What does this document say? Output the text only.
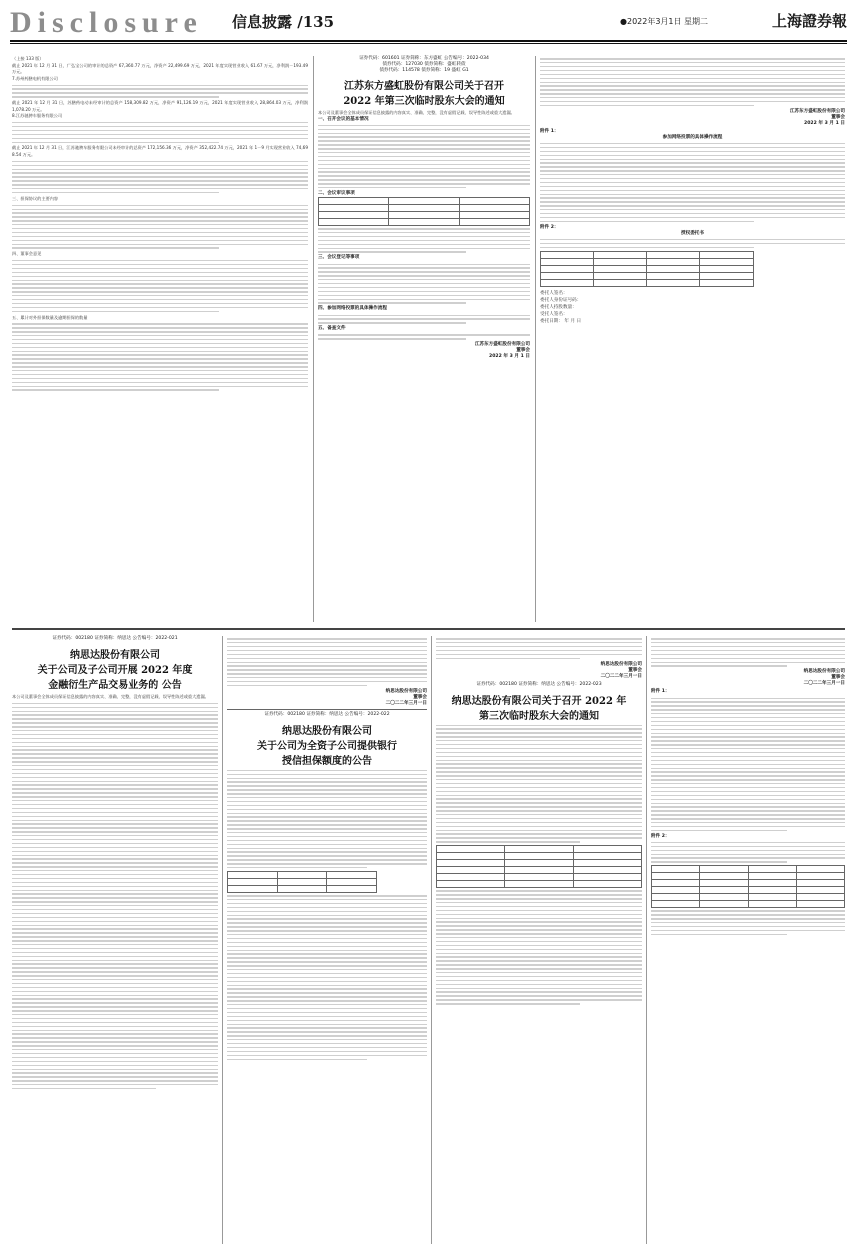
Disclosure 信息披露 /135	●2022年3月1日 星期二	上海證券報
（上接 133 版）
截止 2021 年 12 月 31 日，广弘宝公司的审计的总资产 67,360.77 万元，净资产 22,499.69 万元，2021 年度实现营业收入 61.67 万元，净利润－193.49 万元。
7.苏州药膳电机有限公司
截止 2021 年 12 月 31 日，苏膳药电动未经审计的总资产 158,309.82 万元，净资产 91,126.19 万元，2021 年度实现营业收入 28,864.03 万元，净利润 1,078.20 万元。
8.江苏驰骋车服务有限公司
截止 2021 年 12 月 31 日，江苏驰骋车服务有限公司未经审计的总资产 172,156.36 万元，净资产 352,422.74 万元，2021 年 1－9 月实现营业收入 74,698.54 万元。
三、担保协议的主要内容
四、董事会意见
五、累计对外担保数量及逾期担保的数量
证券代码：601601 证券简称：东方盛虹 公告编号：2022-034
债券代码：127030 债券简称：盛虹转债
债券代码：114578 债券简称：19 盛虹 G1
江苏东方盛虹股份有限公司关于召开
2022 年第三次临时股东大会的通知
本公司及董事会全体成员保证信息披露的内容真实、准确、完整，没有虚假记载、误导性陈述或重大遗漏。
一、召开会议的基本情况
二、会议审议事项

三、会议登记等事项
四、参加网络投票的具体操作流程
五、备查文件
江苏东方盛虹股份有限公司
董事会
2022 年 3 月 1 日
江苏东方盛虹股份有限公司
董事会
2022 年 3 月 1 日
附件 1：
参加网络投票的具体操作流程
附件 2：
授权委托书

委托人签名：
委托人身份证号码：
委托人持股数量：
受托人签名：
委托日期： 年 月 日
证券代码：002180 证券简称：纳思达 公告编号：2022-021
纳思达股份有限公司
关于公司及子公司开展 2022 年度
金融衍生产品交易业务的 公告
本公司及董事会全体成员保证信息披露的内容真实、准确、完整，没有虚假记载、误导性陈述或重大遗漏。
纳思达股份有限公司
董事会
二〇二二年三月一日
证券代码：002180 证券简称：纳思达 公告编号：2022-022
纳思达股份有限公司
关于公司为全资子公司提供银行
授信担保额度的公告

纳思达股份有限公司
董事会
二〇二二年三月一日
证券代码：002180 证券简称：纳思达 公告编号：2022-023
纳思达股份有限公司关于召开 2022 年
第三次临时股东大会的通知

纳思达股份有限公司
董事会
二〇二二年三月一日
附件 1：
附件 2：
